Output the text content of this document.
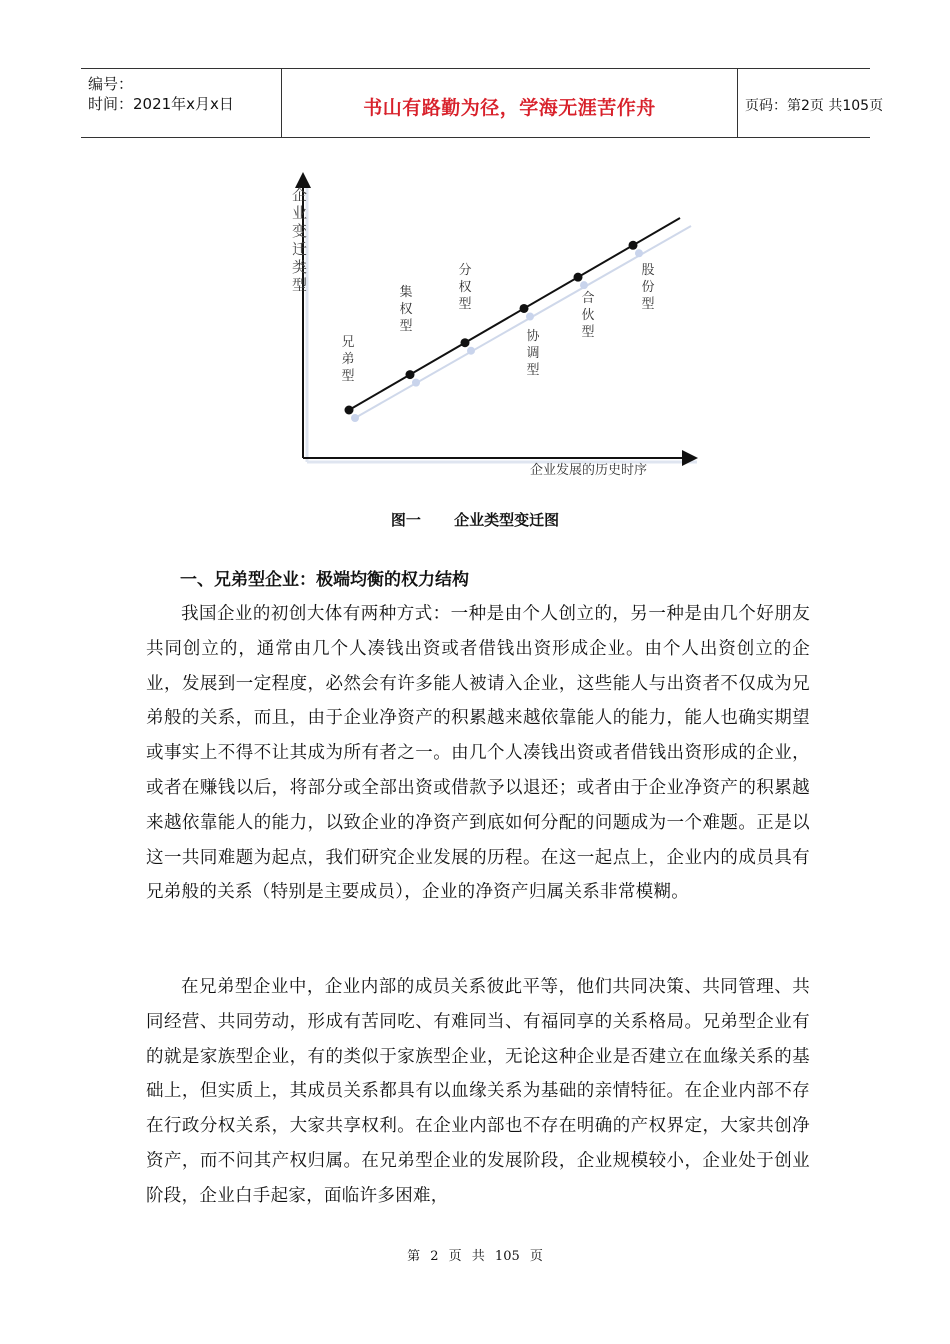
编号：
时间：2021年x月x日	书山有路勤为径，学海无涯苦作舟	页码：第2页 共105页
企业变迁类型
企业发展的历史时序
兄弟型
集权型
分权型
协调型
合伙型
股份型
图一 企业类型变迁图
一、兄弟型企业：极端均衡的权力结构
我国企业的初创大体有两种方式：一种是由个人创立的，另一种是由几个好朋友共同创立的，通常由几个人凑钱出资或者借钱出资形成企业。由个人出资创立的企业，发展到一定程度，必然会有许多能人被请入企业，这些能人与出资者不仅成为兄弟般的关系，而且，由于企业净资产的积累越来越依靠能人的能力，能人也确实期望或事实上不得不让其成为所有者之一。由几个人凑钱出资或者借钱出资形成的企业，或者在赚钱以后，将部分或全部出资或借款予以退还；或者由于企业净资产的积累越来越依靠能人的能力，以致企业的净资产到底如何分配的问题成为一个难题。正是以这一共同难题为起点，我们研究企业发展的历程。在这一起点上，企业内的成员具有兄弟般的关系（特别是主要成员），企业的净资产归属关系非常模糊。
在兄弟型企业中，企业内部的成员关系彼此平等，他们共同决策、共同管理、共同经营、共同劳动，形成有苦同吃、有难同当、有福同享的关系格局。兄弟型企业有的就是家族型企业，有的类似于家族型企业，无论这种企业是否建立在血缘关系的基础上，但实质上，其成员关系都具有以血缘关系为基础的亲情特征。在企业内部不存在行政分权关系，大家共享权利。在企业内部也不存在明确的产权界定，大家共创净资产，而不问其产权归属。在兄弟型企业的发展阶段，企业规模较小，企业处于创业阶段，企业白手起家，面临许多困难，
第 2 页 共 105 页
